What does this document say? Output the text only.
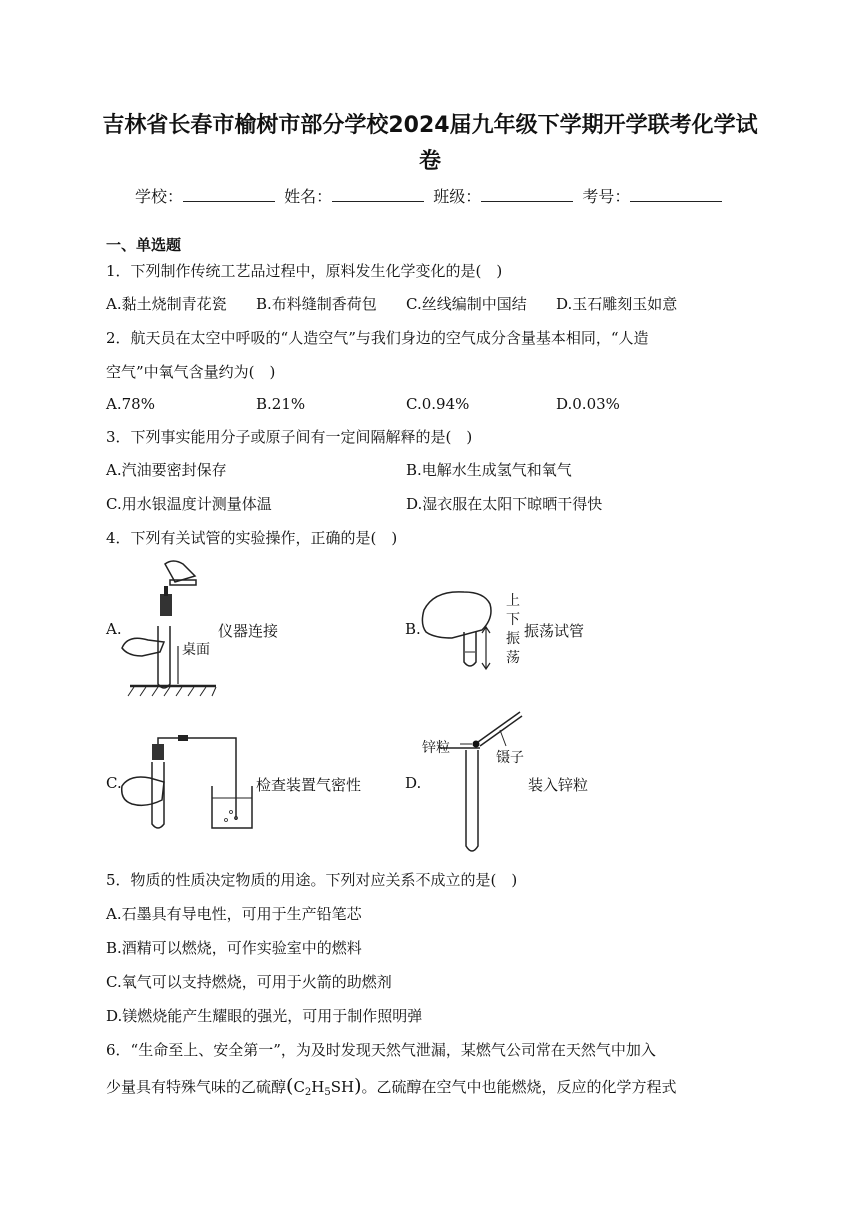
吉林省长春市榆树市部分学校2024届九年级下学期开学联考化学试
卷
学校：	姓名：	班级：	考号：
一、单选题
1．下列制作传统工艺品过程中，原料发生化学变化的是(　)
A.黏土烧制青花瓷 B.布料缝制香荷包 C.丝线编制中国结 D.玉石雕刻玉如意
2．航天员在太空中呼吸的“人造空气”与我们身边的空气成分含量基本相同，“人造
空气”中氧气含量约为(　)
A.78%	B.21%	C.0.94%	D.0.03%
3．下列事实能用分子或原子间有一定间隔解释的是(　)
A.汽油要密封保存	B.电解水生成氢气和氧气
C.用水银温度计测量体温	D.湿衣服在太阳下晾晒干得快
4．下列有关试管的实验操作，正确的是(　)
A.
桌面
仪器连接	B.
上
下
振
荡
振荡试管
C.	检查装置气密性	D.
锌粒
镊子
装入锌粒
5．物质的性质决定物质的用途。下列对应关系不成立的是(　)
A.石墨具有导电性，可用于生产铅笔芯
B.酒精可以燃烧，可作实验室中的燃料
C.氧气可以支持燃烧，可用于火箭的助燃剂
D.镁燃烧能产生耀眼的强光，可用于制作照明弹
6．“生命至上、安全第一”，为及时发现天然气泄漏，某燃气公司常在天然气中加入
少量具有特殊气味的乙硫醇$(C_2H_5SH)$。乙硫醇在空气中也能燃烧，反应的化学方程式
